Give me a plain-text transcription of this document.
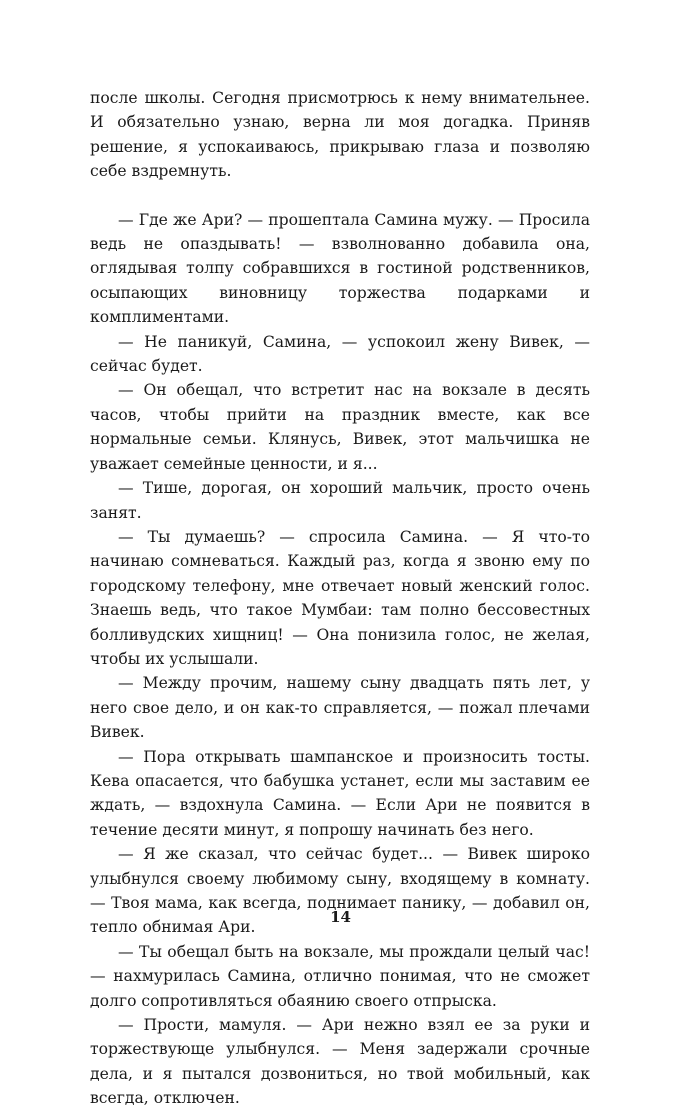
после школы. Сегодня присмотрюсь к нему внимательнее. И обязательно узнаю, верна ли моя догадка. Приняв решение, я успокаиваюсь, прикрываю глаза и позволяю себе вздремнуть.

— Где же Ари? — прошептала Самина мужу. — Просила ведь не опаздывать! — взволнованно добавила она, оглядывая толпу собравшихся в гостиной родственников, осыпающих виновницу торжества подарками и комплиментами.

— Не паникуй, Самина, — успокоил жену Вивек, — сейчас будет.

— Он обещал, что встретит нас на вокзале в десять часов, чтобы прийти на праздник вместе, как все нормальные семьи. Клянусь, Вивек, этот мальчишка не уважает семейные ценности, и я...

— Тише, дорогая, он хороший мальчик, просто очень занят.

— Ты думаешь? — спросила Самина. — Я что-то начинаю сомневаться. Каждый раз, когда я звоню ему по городскому телефону, мне отвечает новый женский голос. Знаешь ведь, что такое Мумбаи: там полно бессовестных болливудских хищниц! — Она понизила голос, не желая, чтобы их услышали.

— Между прочим, нашему сыну двадцать пять лет, у него свое дело, и он как-то справляется, — пожал плечами Вивек.

— Пора открывать шампанское и произносить тосты. Кева опасается, что бабушка устанет, если мы заставим ее ждать, — вздохнула Самина. — Если Ари не появится в течение десяти минут, я попрошу начинать без него.

— Я же сказал, что сейчас будет... — Вивек широко улыбнулся своему любимому сыну, входящему в комнату. — Твоя мама, как всегда, поднимает панику, — добавил он, тепло обнимая Ари.

— Ты обещал быть на вокзале, мы прождали целый час! — нахмурилась Самина, отлично понимая, что не сможет долго сопротивляться обаянию своего отпрыска.

— Прости, мамуля. — Ари нежно взял ее за руки и торжествующе улыбнулся. — Меня задержали срочные дела, и я пытался дозвониться, но твой мобильный, как всегда, отключен.

14
